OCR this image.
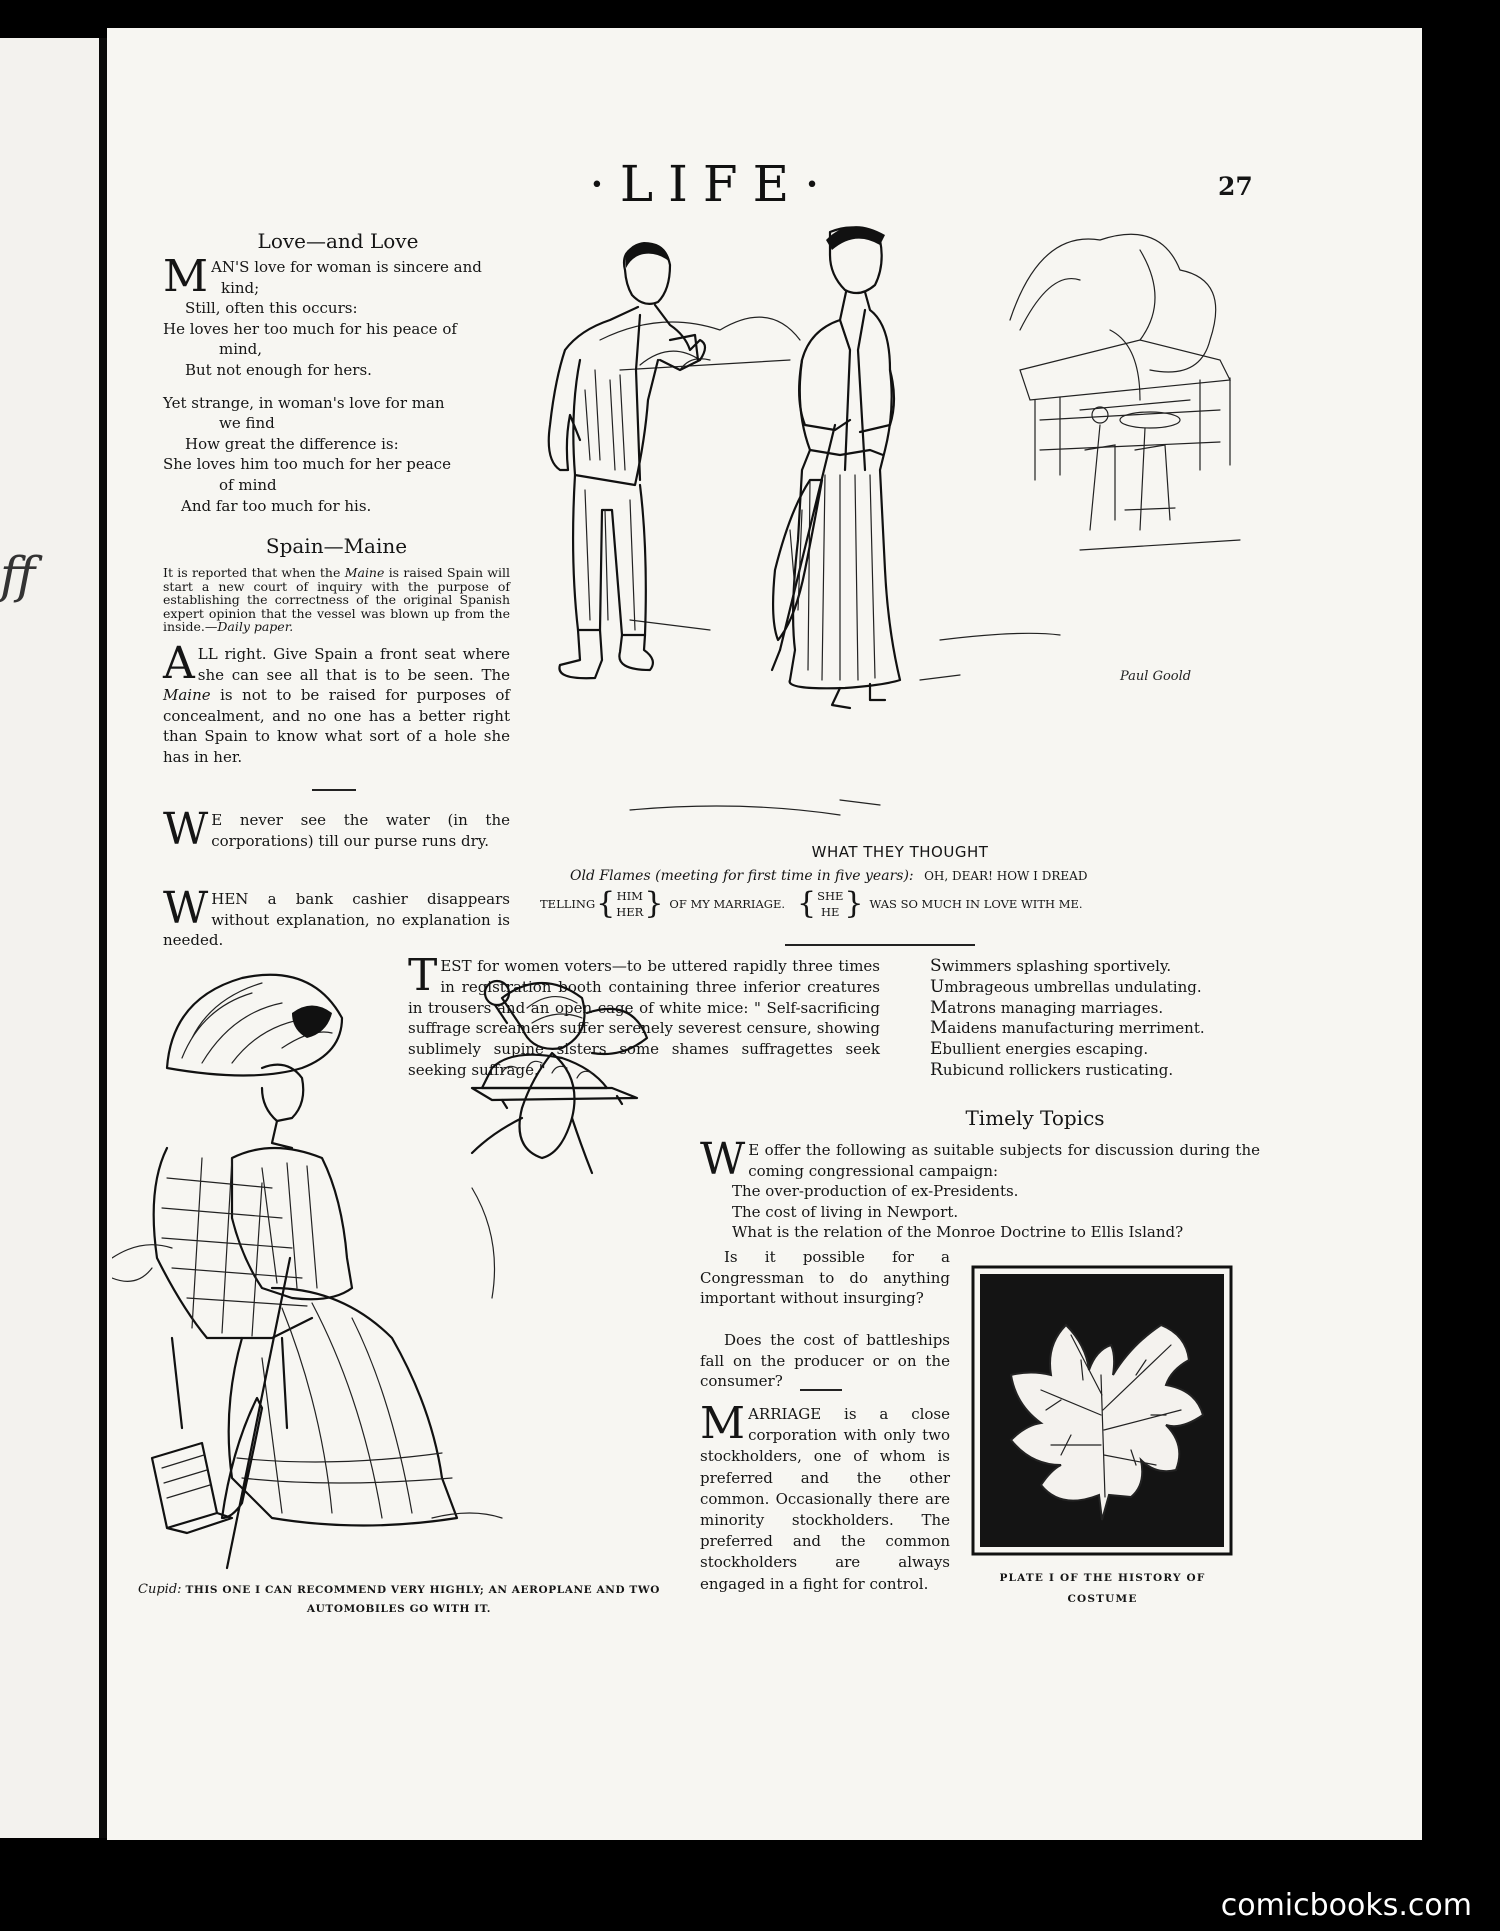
ff
·LIFE·	27
Love—and Love

MAN'S love for woman is sincere and

kind;

Still, often this occurs:

He loves her too much for his peace of

mind,

But not enough for hers.

Yet strange, in woman's love for man

we find

How great the difference is:

She loves him too much for her peace

of mind

And far too much for his.

Spain—Maine
It is reported that when the Maine is raised Spain will start a new court of inquiry with the purpose of establishing the correctness of the original Spanish expert opinion that the vessel was blown up from the inside.—Daily paper.
ALL right. Give Spain a front seat where she can see all that is to be seen. The Maine is not to be raised for purposes of concealment, and no one has a better right than Spain to know what sort of a hole she has in her.
W E never see the water (in the corporations) till our purse runs dry.
WHEN a bank cashier disappears without explanation, no explanation is needed.
Paul Goold
WHAT THEY THOUGHT
Old Flames (meeting for first time in five years): OH, DEAR! HOW I DREAD
TELLING { HIM
HER } OF MY MARRIAGE. { SHE
HE } WAS SO MUCH IN LOVE WITH ME.
TEST for women voters—to be uttered rapidly three times in registration booth containing three inferior creatures in trousers and an open cage of white mice: " Self-sacrificing suffrage screamers suffer serenely severest censure, showing sublimely supine sisters some shames suffragettes seek seeking suffrage."
Swimmers splashing sportively.
Umbrageous umbrellas undulating.
Matrons managing marriages.
Maidens manufacturing merriment.
Ebullient energies escaping.
Rubicund rollickers rusticating.
Cupid: THIS ONE I CAN RECOMMEND VERY HIGHLY; AN AEROPLANE AND TWO AUTOMOBILES GO WITH IT.
Timely Topics
W E offer the following as suitable subjects for discussion during the coming congressional campaign:
The over-production of ex-Presidents.
The cost of living in Newport.
What is the relation of the Monroe Doctrine to Ellis Island?
Is it possible for a Congressman to do anything important without insurging?
Does the cost of battleships fall on the producer or on the consumer?
MARRIAGE is a close corporation with only two stockholders, one of whom is preferred and the other common. Occasionally there are minority stockholders. The preferred and the common stockholders are always engaged in a fight for control.	PLATE I OF THE HISTORY OF COSTUME
comicbooks.com
